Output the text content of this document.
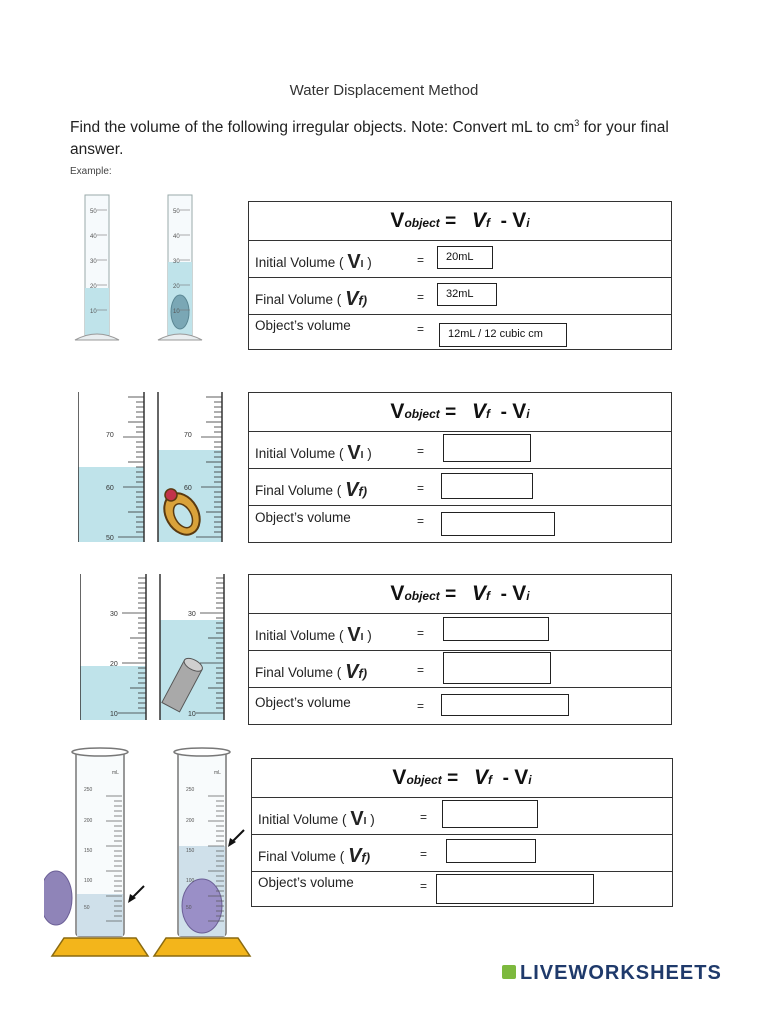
Water Displacement Method
Find the volume of the following irregular objects. Note: Convert mL to $cm^3$ for your final answer.
Example:
50
40
30
20
10
50
40
30
20
10
70
60
50
70
60
30
20
10
30
10
mL
250
200
150
100
50
mL
250
200
150
100
50
Vobject = Vf - Vi

Initial Volume ( VI )	=	20mL

Final Volume ( Vf)	=	32mL

Object’s volume	=	12mL / 12 cubic cm
Vobject = Vf - Vi

Initial Volume ( VI )	=

Final Volume ( Vf)	=

Object’s volume	=
Vobject = Vf - Vi

Initial Volume ( VI )	=

Final Volume ( Vf)	=

Object’s volume	=
Vobject = Vf - Vi

Initial Volume ( VI )	=

Final Volume ( Vf)	=

Object’s volume	=
LIVEWORKSHEETS
